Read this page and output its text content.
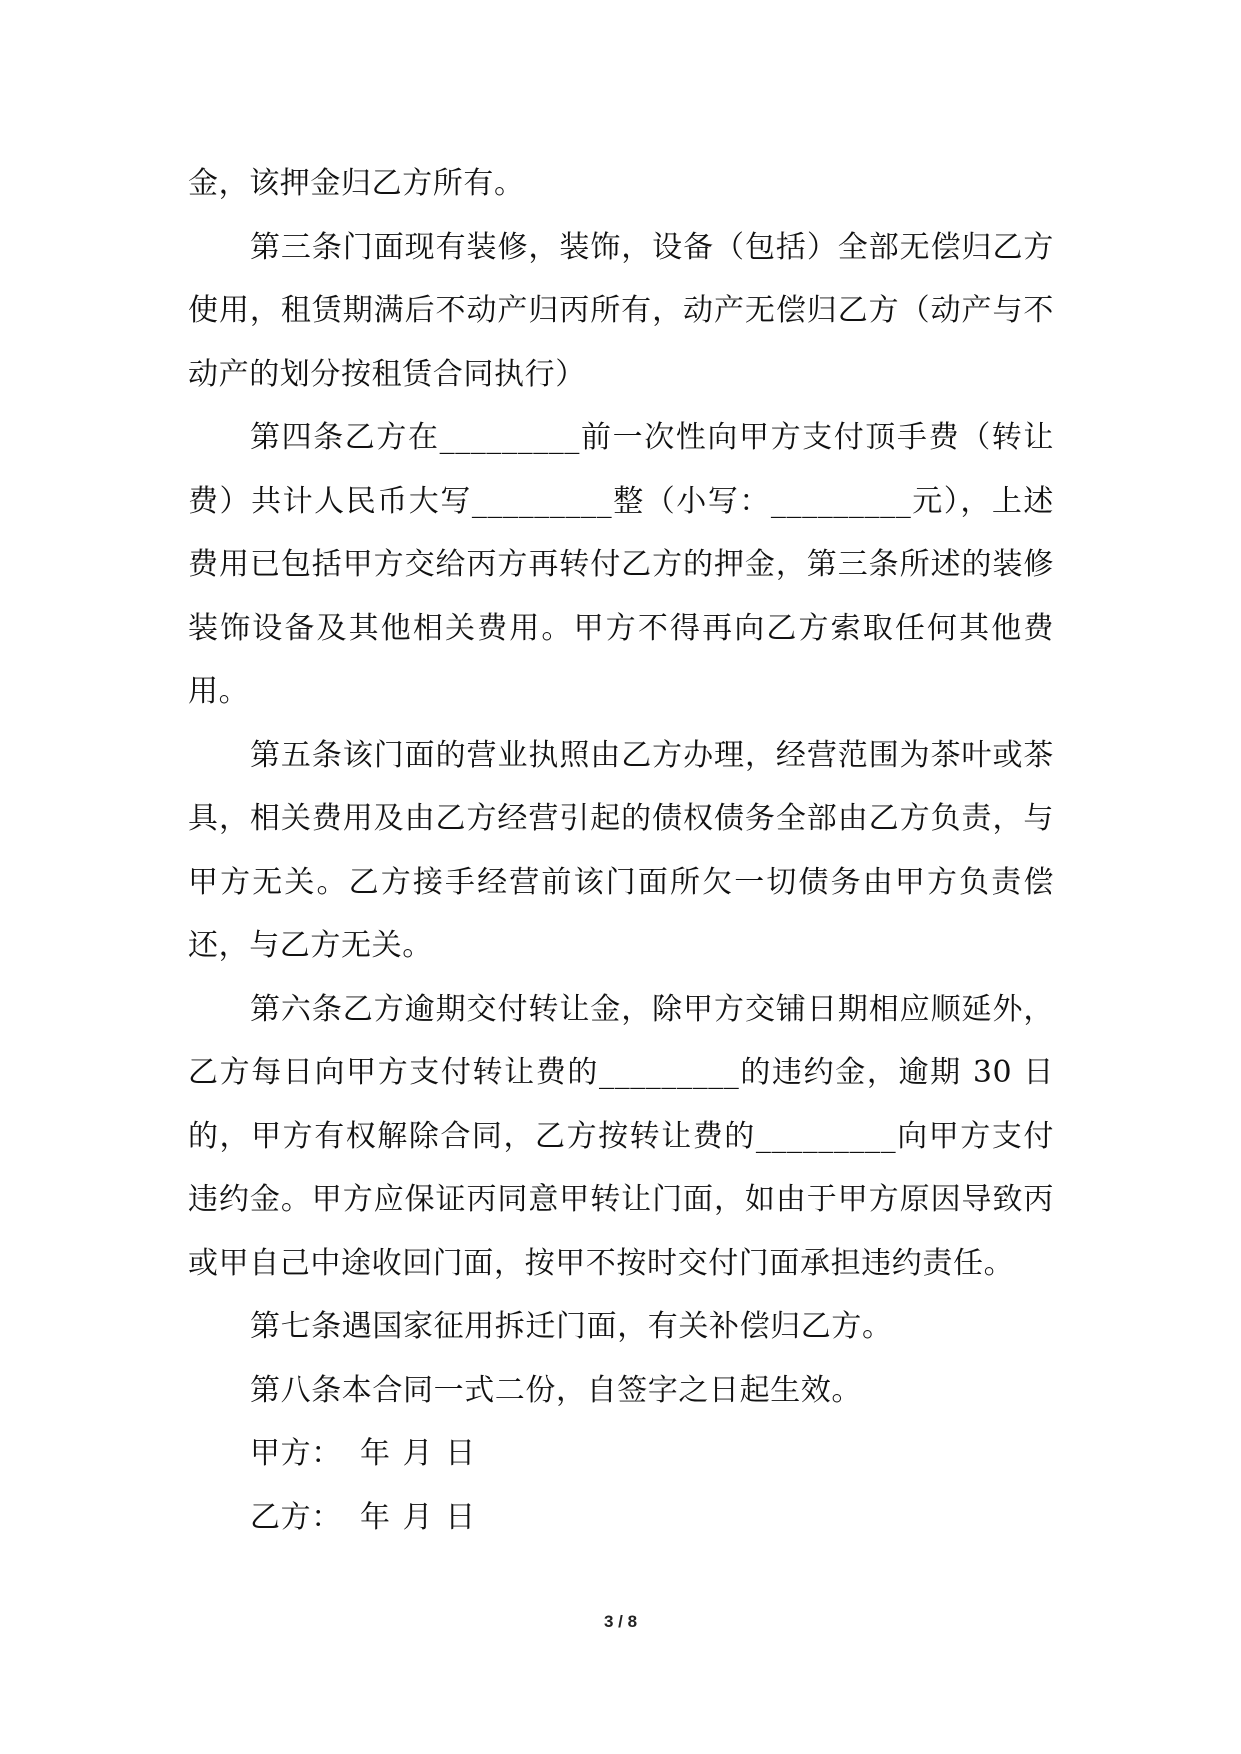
金，该押金归乙方所有。

第三条门面现有装修，装饰，设备（包括）全部无偿归乙方使用，租赁期满后不动产归丙所有，动产无偿归乙方（动产与不动产的划分按租赁合同执行）

第四条乙方在_________前一次性向甲方支付顶手费（转让费）共计人民币大写_________整（小写：_________元），上述费用已包括甲方交给丙方再转付乙方的押金，第三条所述的装修装饰设备及其他相关费用。甲方不得再向乙方索取任何其他费用。

第五条该门面的营业执照由乙方办理，经营范围为茶叶或茶具，相关费用及由乙方经营引起的债权债务全部由乙方负责，与甲方无关。乙方接手经营前该门面所欠一切债务由甲方负责偿还，与乙方无关。

第六条乙方逾期交付转让金，除甲方交铺日期相应顺延外，乙方每日向甲方支付转让费的_________的违约金，逾期 30 日的，甲方有权解除合同，乙方按转让费的_________向甲方支付违约金。甲方应保证丙同意甲转让门面，如由于甲方原因导致丙或甲自己中途收回门面，按甲不按时交付门面承担违约责任。

第七条遇国家征用拆迁门面，有关补偿归乙方。

第八条本合同一式二份，自签字之日起生效。

甲方： 年 月 日
乙方： 年 月 日
3 / 8
